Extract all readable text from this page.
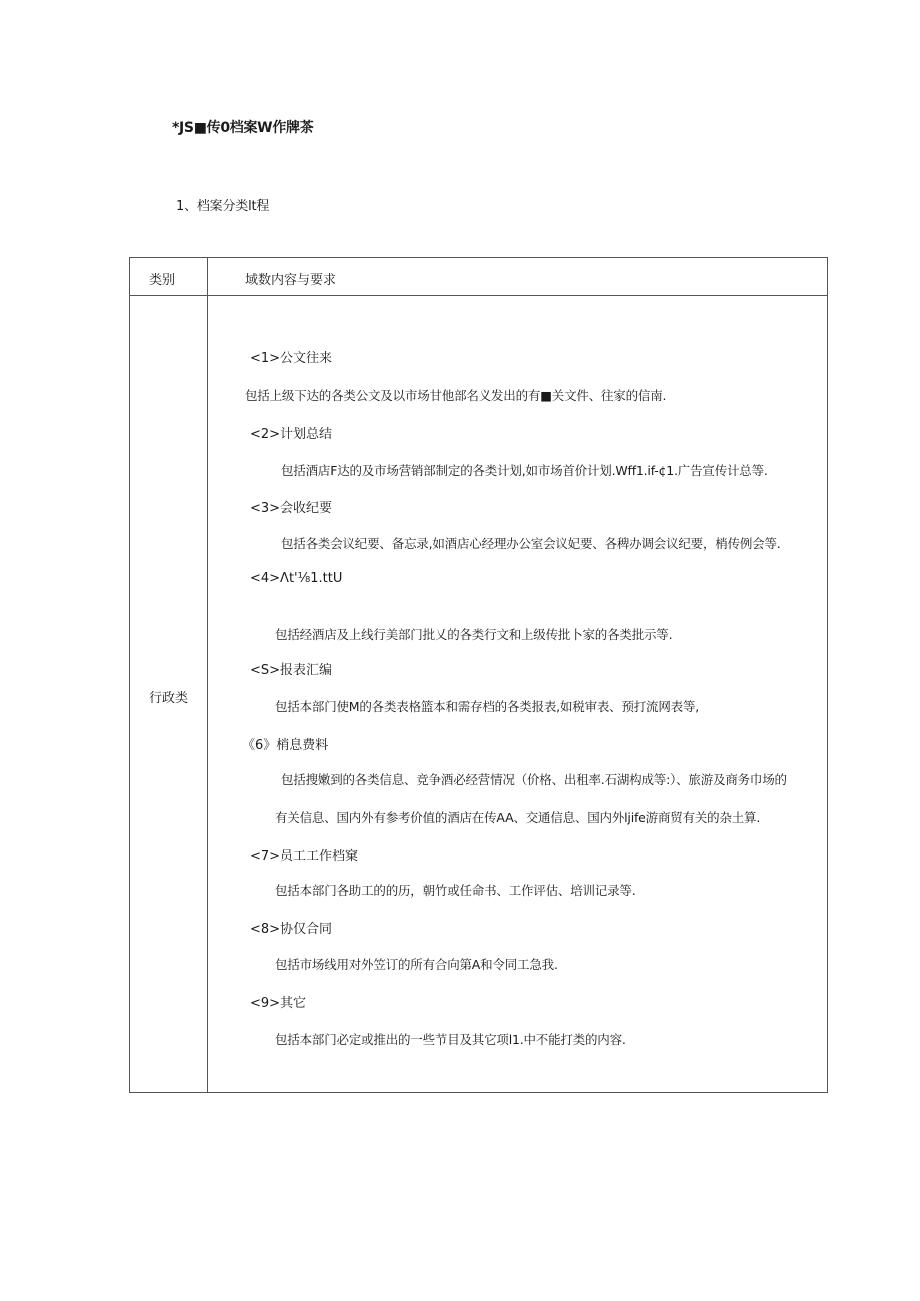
*JS■传0档案W作牌茶
1、档案分类lt程
类别	域数内容与要求
行政类
<1>公文往来
包括上级下达的各类公文及以市场甘他部名义发出的有■关文件、往家的信南.
<2>计划总结
包括酒店F达的及市场营销部制定的各类计划,如市场首价计划.Wff1.if-¢1.广告宣传计总等.
<3>会收纪要
包括各类会议纪要、备忘录,如酒店心经理办公室会议妃要、各稗办调会议纪要，梢传例会等.
<4>Λt'⅛1.ttU
包括经酒店及上线行美部门批乂的各类行文和上级传批卜家的各类批示等.
<S>报表汇编
包括本部门使M的各类表格篮本和需存档的各类报表,如税审表、预打流网表等,
《6》梢息费料
包括搜嫩到的各类信息、竞争酒必经营情况（价格、出租率.石湖构成等:）、旅游及商务巾场的
有关信息、国内外有参考价值的酒店在传AA、交通信息、国内外ljife游商贸有关的杂土算.
<7>员工工作档窠
包括本部门各助工的的历，朝竹或任命书、工作评估、培训记录等.
<8>协仅合同
包括市场线用对外笠订的所有合向第A和令同工急我.
<9>其它
包括本部门必定或推出的一些节目及其它项l1.中不能打类的内容.
